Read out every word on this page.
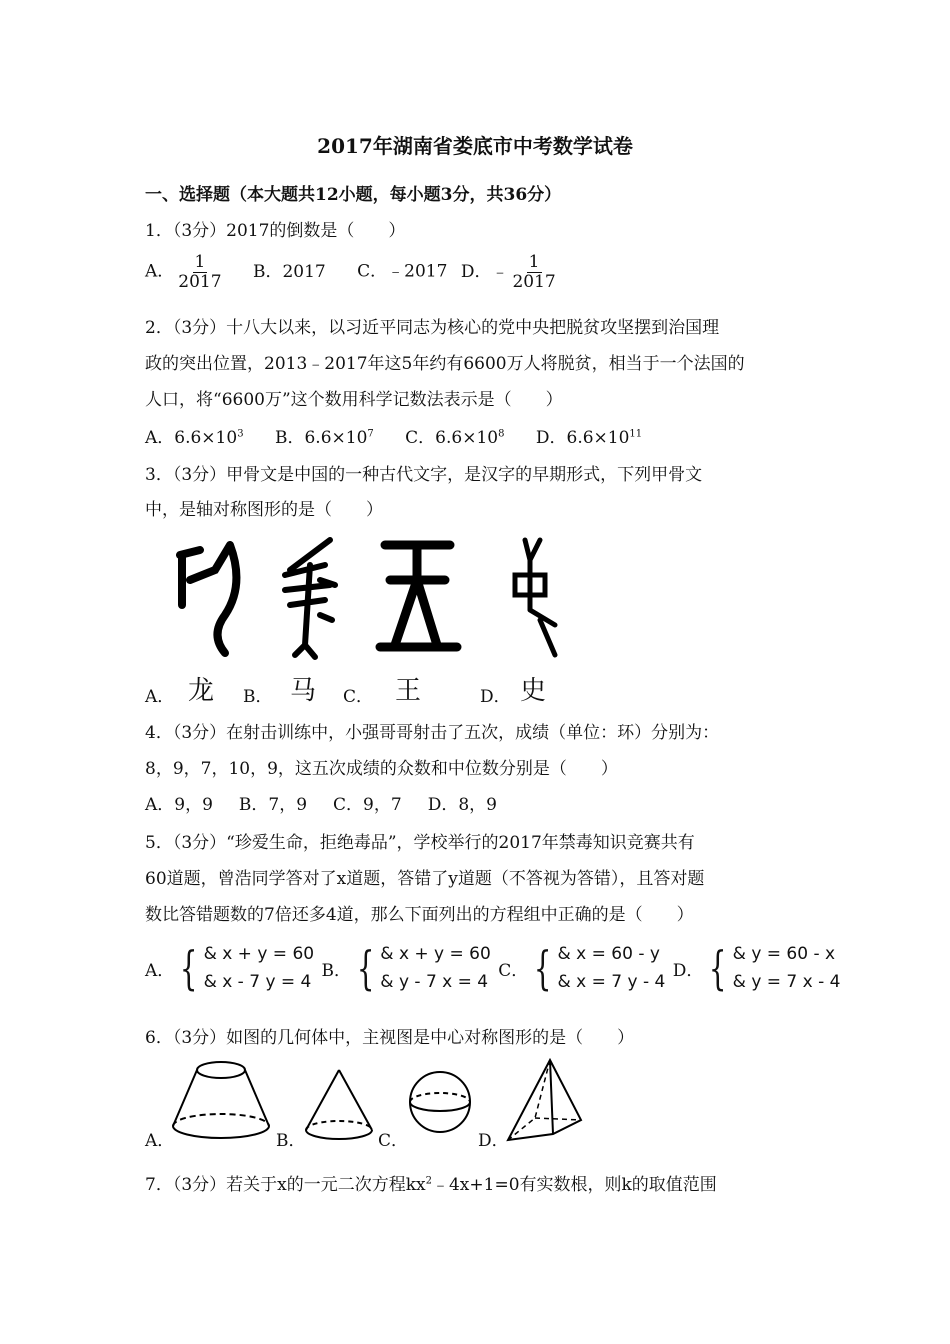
2017年湖南省娄底市中考数学试卷
一、选择题（本大题共12小题，每小题3分，共36分）
1．（3分）2017的倒数是（　　）
A． $\frac{1}{2017}$ B．2017 C．﹣2017 D．﹣ $\frac{1}{2017}$
2．（3分）十八大以来，以习近平同志为核心的党中央把脱贫攻坚摆到治国理
政的突出位置，2013﹣2017年这5年约有6600万人将脱贫，相当于一个法国的
人口，将“6600万”这个数用科学记数法表示是（　　）
A．$6.6\times 10^3$ B．$6.6\times 10^7$ C．$6.6\times 10^8$ D．$6.6\times 10^{11}$
3．（3分）甲骨文是中国的一种古代文字，是汉字的早期形式，下列甲骨文
中，是轴对称图形的是（　　）
A．	B．	C．	D．
龙	马	王	史
4．（3分）在射击训练中，小强哥哥射击了五次，成绩（单位：环）分别为：
8，9，7，10，9，这五次成绩的众数和中位数分别是（　　）
A．9，9 B．7，9 C．9，7 D．8，9
5．（3分）“珍爱生命，拒绝毒品”，学校举行的2017年禁毒知识竞赛共有
60道题，曾浩同学答对了x道题，答错了y道题（不答视为答错），且答对题
数比答错题数的7倍还多4道，那么下面列出的方程组中正确的是（　　）
A． { & x + y = 60
& x - 7 y = 4

B． { & x + y = 60
& y - 7 x = 4

C． { & x = 60 - y
& x = 7 y - 4

D． { & y = 60 - x
& y = 7 x - 4
6．（3分）如图的几何体中，主视图是中心对称图形的是（　　）
A．	B．	C．	D．
7．（3分）若关于x的一元二次方程$kx^2﹣4x+1=0$有实数根，则k的取值范围
